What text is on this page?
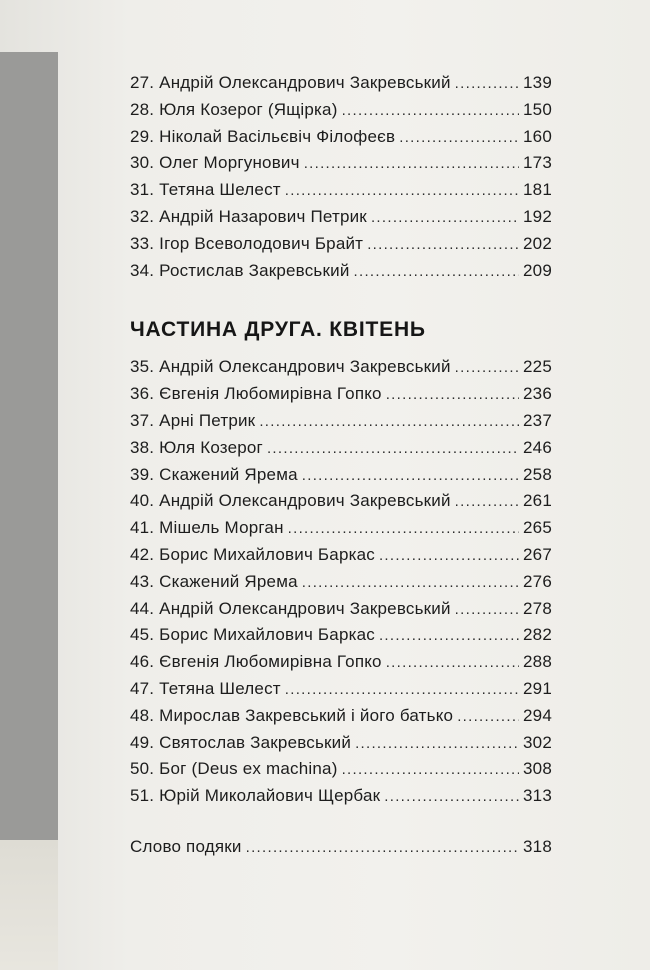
27. Андрій Олександрович Закревський .....	139
28. Юля Козерог (Ящірка) .....	150
29. Ніколай Васільєвіч Філофеєв .....	160
30. Олег Моргунович .....	173
31. Тетяна Шелест .....	181
32. Андрій Назарович Петрик .....	192
33. Ігор Всеволодович Брайт .....	202
34. Ростислав Закревський .....	209
ЧАСТИНА ДРУГА. КВІТЕНЬ
35. Андрій Олександрович Закревський .....	225
36. Євгенія Любомирівна Гопко .....	236
37. Арні Петрик .....	237
38. Юля Козерог .....	246
39. Скажений Ярема .....	258
40. Андрій Олександрович Закревський .....	261
41. Мішель Морган .....	265
42. Борис Михайлович Баркас .....	267
43. Скажений Ярема .....	276
44. Андрій Олександрович Закревський .....	278
45. Борис Михайлович Баркас .....	282
46. Євгенія Любомирівна Гопко .....	288
47. Тетяна Шелест .....	291
48. Мирослав Закревський і його батько .....	294
49. Святослав Закревський .....	302
50. Бог (Deus ex machina) .....	308
51. Юрій Миколайович Щербак .....	313
Слово подяки .....	318
